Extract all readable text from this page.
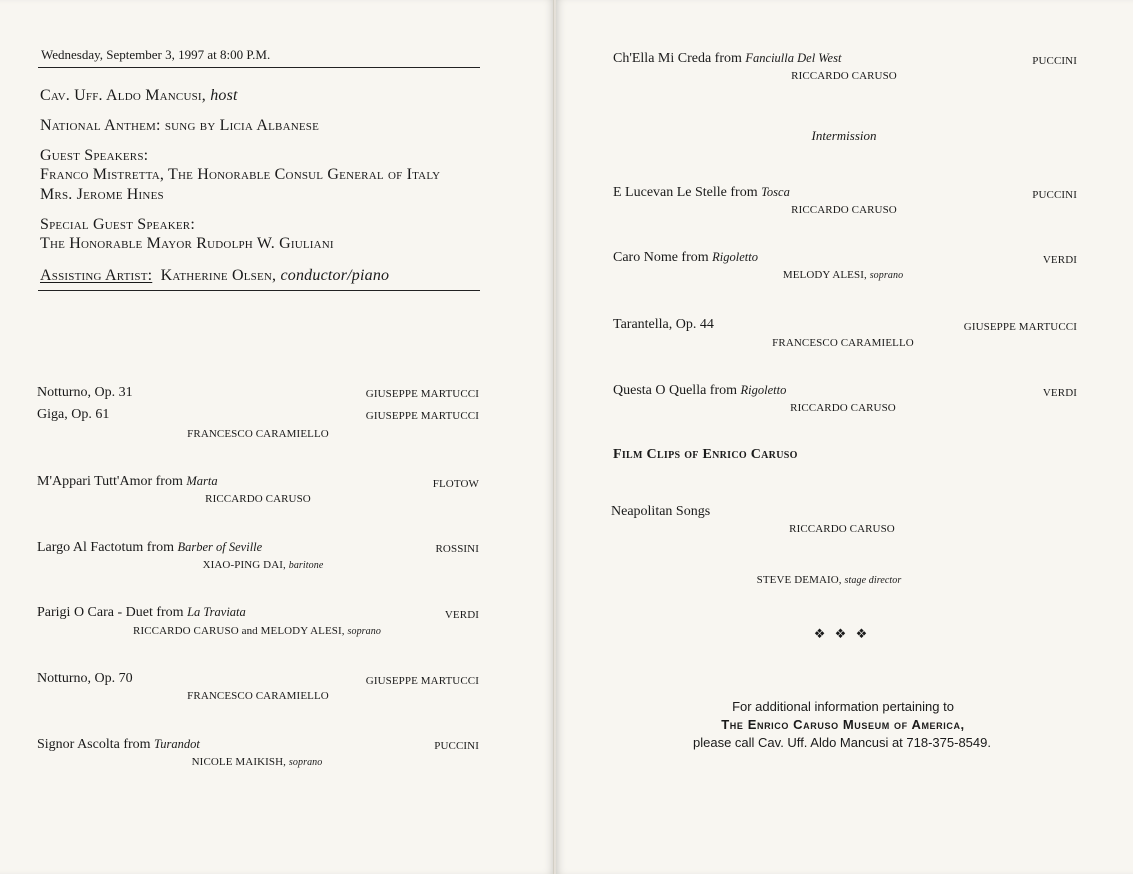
Wednesday, September 3, 1997 at 8:00 P.M.
Cav. Uff. Aldo Mancusi, host
National Anthem: sung by Licia Albanese
Guest Speakers:
Franco Mistretta, The Honorable Consul General of Italy
Mrs. Jerome Hines
Special Guest Speaker:
The Honorable Mayor Rudolph W. Giuliani
Assisting Artist: Katherine Olsen, conductor/piano
Notturno, Op. 31	GIUSEPPE MARTUCCI
Giga, Op. 61	GIUSEPPE MARTUCCI
FRANCESCO CARAMIELLO
M'Appari Tutt'Amor from Marta	FLOTOW
RICCARDO CARUSO
Largo Al Factotum from Barber of Seville	ROSSINI
XIAO-PING DAI, baritone
Parigi O Cara - Duet from La Traviata	VERDI
RICCARDO CARUSO and MELODY ALESI, soprano
Notturno, Op. 70	GIUSEPPE MARTUCCI
FRANCESCO CARAMIELLO
Signor Ascolta from Turandot	PUCCINI
NICOLE MAIKISH, soprano
Ch'Ella Mi Creda from Fanciulla Del West	PUCCINI
RICCARDO CARUSO
Intermission
E Lucevan Le Stelle from Tosca	PUCCINI
RICCARDO CARUSO
Caro Nome from Rigoletto	VERDI
MELODY ALESI, soprano
Tarantella, Op. 44	GIUSEPPE MARTUCCI
FRANCESCO CARAMIELLO
Questa O Quella from Rigoletto	VERDI
RICCARDO CARUSO
Film Clips of Enrico Caruso
Neapolitan Songs
RICCARDO CARUSO
STEVE DEMAIO, stage director
❖ ❖ ❖
For additional information pertaining to
The Enrico Caruso Museum of America,
please call Cav. Uff. Aldo Mancusi at 718-375-8549.
